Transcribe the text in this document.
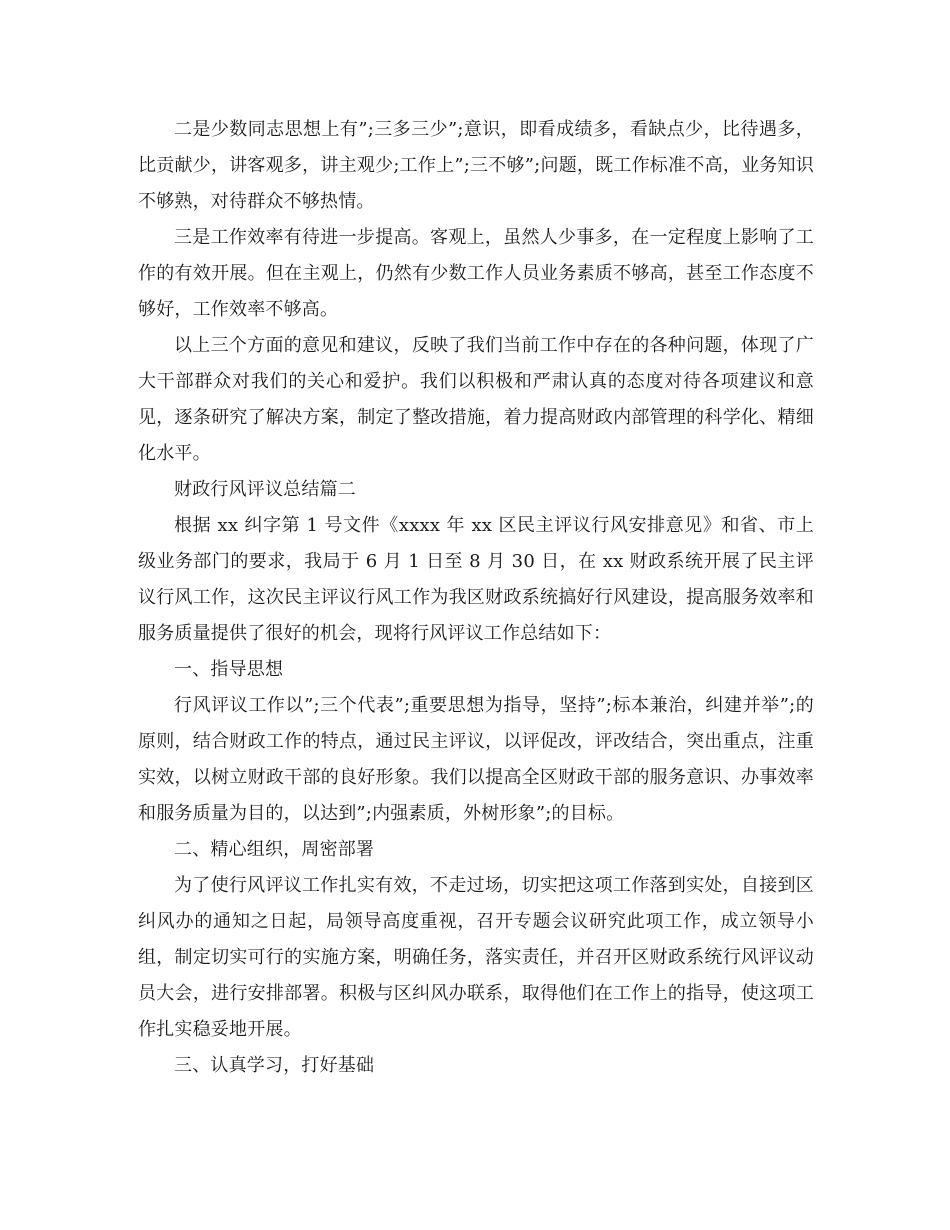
二是少数同志思想上有”;三多三少”;意识，即看成绩多，看缺点少，比待遇多，比贡献少，讲客观多，讲主观少;工作上”;三不够”;问题，既工作标准不高，业务知识不够熟，对待群众不够热情。

三是工作效率有待进一步提高。客观上，虽然人少事多，在一定程度上影响了工作的有效开展。但在主观上，仍然有少数工作人员业务素质不够高，甚至工作态度不够好，工作效率不够高。

以上三个方面的意见和建议，反映了我们当前工作中存在的各种问题，体现了广大干部群众对我们的关心和爱护。我们以积极和严肃认真的态度对待各项建议和意见，逐条研究了解决方案，制定了整改措施，着力提高财政内部管理的科学化、精细化水平。

财政行风评议总结篇二

根据 xx 纠字第 1 号文件《xxxx 年 xx 区民主评议行风安排意见》和省、市上级业务部门的要求，我局于 6 月 1 日至 8 月 30 日，在 xx 财政系统开展了民主评议行风工作，这次民主评议行风工作为我区财政系统搞好行风建设，提高服务效率和服务质量提供了很好的机会，现将行风评议工作总结如下：

一、指导思想

行风评议工作以”;三个代表”;重要思想为指导，坚持”;标本兼治，纠建并举”;的原则，结合财政工作的特点，通过民主评议，以评促改，评改结合，突出重点，注重实效，以树立财政干部的良好形象。我们以提高全区财政干部的服务意识、办事效率和服务质量为目的，以达到”;内强素质，外树形象”;的目标。

二、精心组织，周密部署

为了使行风评议工作扎实有效，不走过场，切实把这项工作落到实处，自接到区纠风办的通知之日起，局领导高度重视，召开专题会议研究此项工作，成立领导小组，制定切实可行的实施方案，明确任务，落实责任，并召开区财政系统行风评议动员大会，进行安排部署。积极与区纠风办联系，取得他们在工作上的指导，使这项工作扎实稳妥地开展。

三、认真学习，打好基础
